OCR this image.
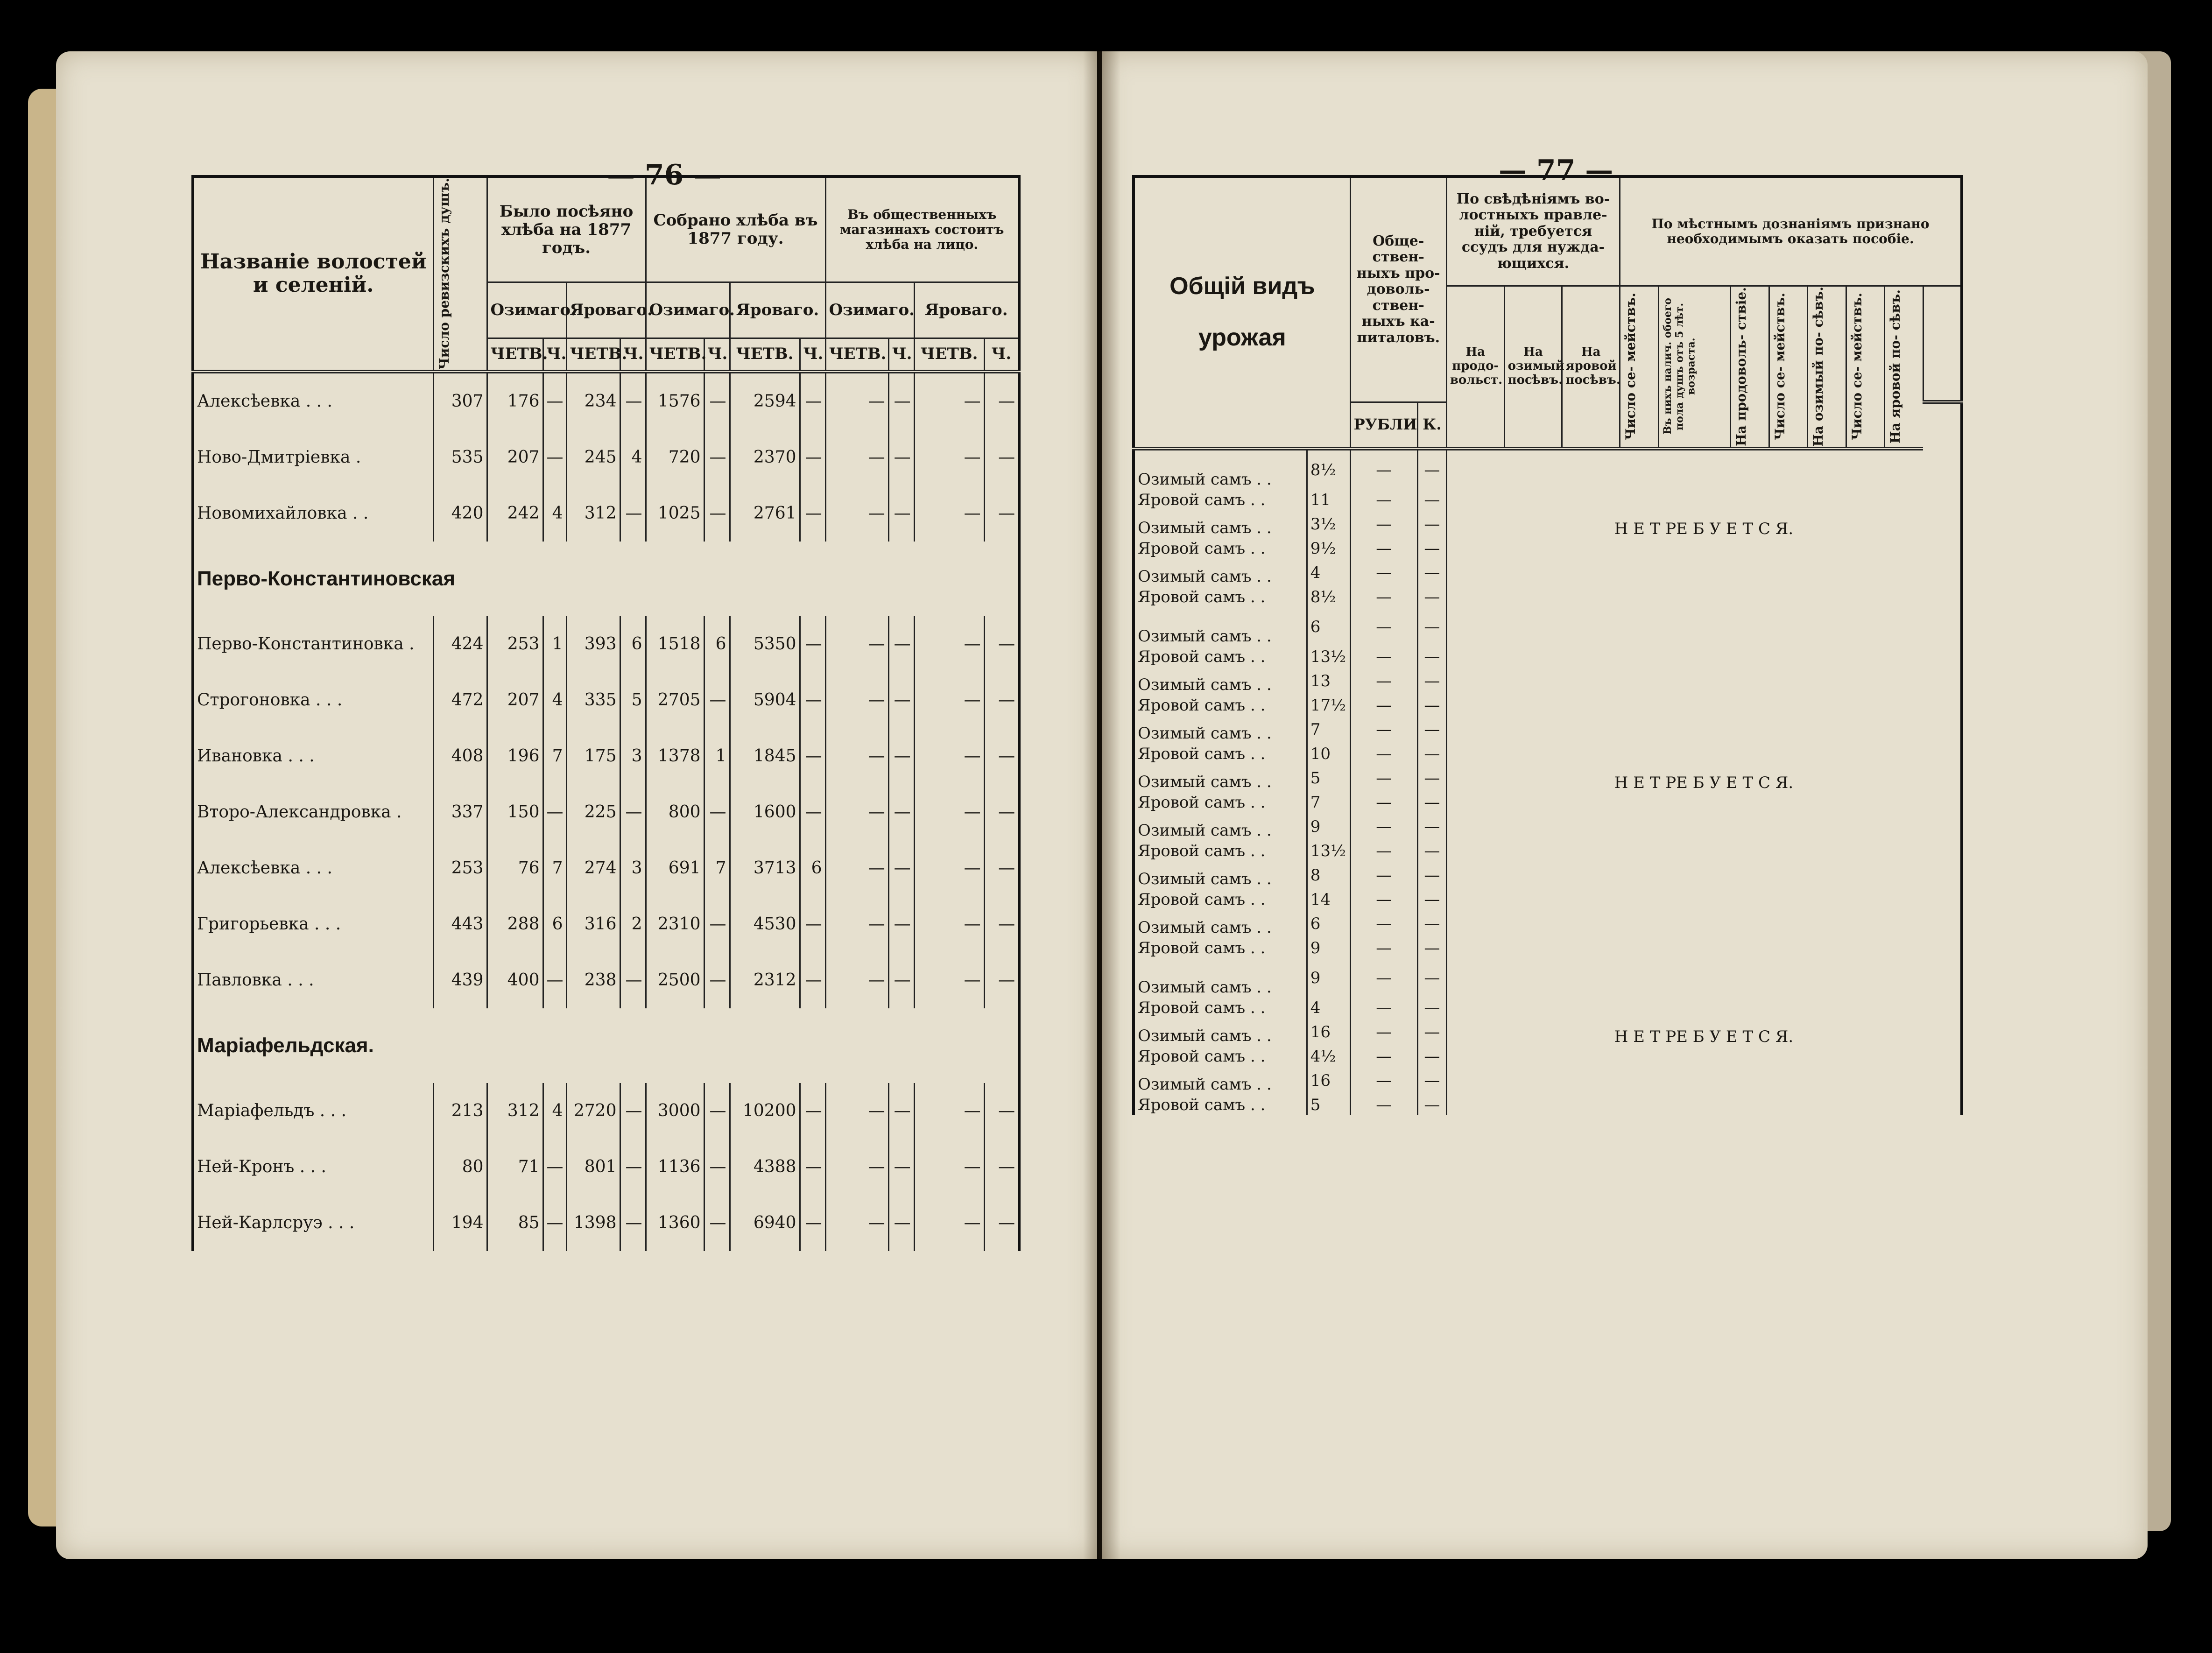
— 76 —	— 77 —
Названіе волостей и селеній.	Число ревизскихъ душъ.	Было посѣяно хлѣба на 1877 годъ.				Собрано хлѣба въ 1877 году.				Въ общественныхъ магазинахъ состоитъ хлѣба на лицо.			
		Озимаго.		Яроваго.		Озимаго.		Яроваго.		Озимаго.		Яроваго.	
		ЧЕТВ.	Ч.	ЧЕТВ.	Ч.	ЧЕТВ.	Ч.	ЧЕТВ.	Ч.	ЧЕТВ.	Ч.	ЧЕТВ.	Ч.
Алексѣевка . . .	307	176	—	234	—	1576	—	2594	—	—	—	—	—
Ново-Дмитріевка .	535	207	—	245	4	720	—	2370	—	—	—	—	—
Новомихайловка . .	420	242	4	312	—	1025	—	2761	—	—	—	—	—
Перво-Константиновская													
Перво-Константиновка .	424	253	1	393	6	1518	6	5350	—	—	—	—	—
Строгоновка . . .	472	207	4	335	5	2705	—	5904	—	—	—	—	—
Ивановка . . .	408	196	7	175	3	1378	1	1845	—	—	—	—	—
Второ-Александровка .	337	150	—	225	—	800	—	1600	—	—	—	—	—
Алексѣевка . . .	253	76	7	274	3	691	7	3713	6	—	—	—	—
Григорьевка . . .	443	288	6	316	2	2310	—	4530	—	—	—	—	—
Павловка . . .	439	400	—	238	—	2500	—	2312	—	—	—	—	—
Маріафельдская.													
Маріафельдъ . . .	213	312	4	2720	—	3000	—	10200	—	—	—	—	—
Ней-Кронъ . . .	80	71	—	801	—	1136	—	4388	—	—	—	—	—
Ней-Карлсруэ . . .	194	85	—	1398	—	1360	—	6940	—	—	—	—	—
Общій видъ
урожая		Обще- ствен- ныхъ про- доволь- ствен- ныхъ ка- питаловъ.		По свѣдѣніямъ во- лостныхъ правле- ній, требуется ссудъ для нужда- ющихся.			По мѣстнымъ дознаніямъ признано необходимымъ оказать пособіе.							
				На продо- вольст.	На озимый посѣвъ.	На яровой посѣвъ.	Число се- мействъ.	Въ нихъ налич. обоего пола душъ отъ 5 лѣт. возраста.	На продоволь- ствіе.	Число се- мействъ.	На озимый по- сѣвъ.	Число се- мействъ.	На яровой по- сѣвъ.	

		РУБЛИ	К.											
Озимый самъ . .	8½	—	—	Н Е Т РЕ Б У Е Т С Я.										
Яровой самъ . .	11	—	—											
Озимый самъ . .	3½	—	—											
Яровой самъ . .	9½	—	—											
Озимый самъ . .	4	—	—											
Яровой самъ . .	8½	—	—											
Озимый самъ . .	6	—	—	Н Е Т РЕ Б У Е Т С Я.										
Яровой самъ . .	13½	—	—											
Озимый самъ . .	13	—	—											
Яровой самъ . .	17½	—	—											
Озимый самъ . .	7	—	—											
Яровой самъ . .	10	—	—											
Озимый самъ . .	5	—	—											
Яровой самъ . .	7	—	—											
Озимый самъ . .	9	—	—											
Яровой самъ . .	13½	—	—											
Озимый самъ . .	8	—	—											
Яровой самъ . .	14	—	—											
Озимый самъ . .	6	—	—											
Яровой самъ . .	9	—	—											
Озимый самъ . .	9	—	—	Н Е Т РЕ Б У Е Т С Я.										
Яровой самъ . .	4	—	—											
Озимый самъ . .	16	—	—											
Яровой самъ . .	4½	—	—											
Озимый самъ . .	16	—	—											
Яровой самъ . .	5	—	—											
